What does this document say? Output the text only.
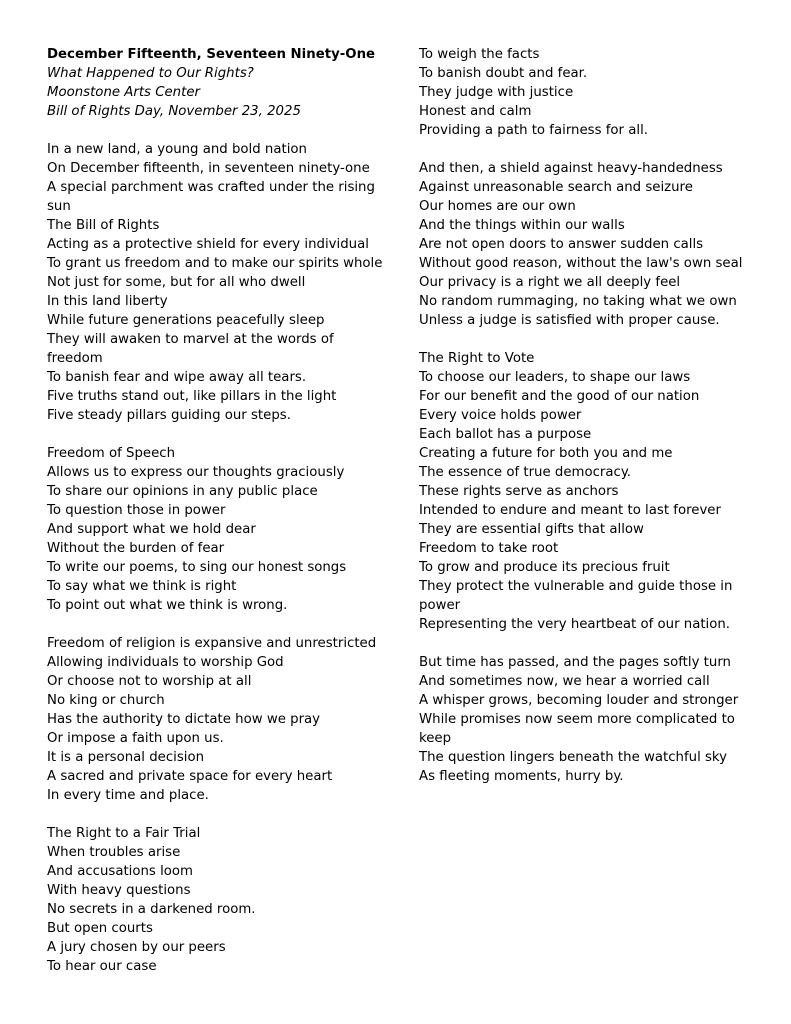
December Fifteenth, Seventeen Ninety-One
What Happened to Our Rights?
Moonstone Arts Center
Bill of Rights Day, November 23, 2025
In a new land, a young and bold nation
On December fifteenth, in seventeen ninety-one
A special parchment was crafted under the rising
sun
The Bill of Rights
Acting as a protective shield for every individual
To grant us freedom and to make our spirits whole
Not just for some, but for all who dwell
In this land liberty
While future generations peacefully sleep
They will awaken to marvel at the words of
freedom
To banish fear and wipe away all tears.
Five truths stand out, like pillars in the light
Five steady pillars guiding our steps.
Freedom of Speech
Allows us to express our thoughts graciously
To share our opinions in any public place
To question those in power
And support what we hold dear
Without the burden of fear
To write our poems, to sing our honest songs
To say what we think is right
To point out what we think is wrong.
Freedom of religion is expansive and unrestricted
Allowing individuals to worship God
Or choose not to worship at all
No king or church
Has the authority to dictate how we pray
Or impose a faith upon us.
It is a personal decision
A sacred and private space for every heart
In every time and place.
The Right to a Fair Trial
When troubles arise
And accusations loom
With heavy questions
No secrets in a darkened room.
But open courts
A jury chosen by our peers
To hear our case
To weigh the facts
To banish doubt and fear.
They judge with justice
Honest and calm
Providing a path to fairness for all.
And then, a shield against heavy-handedness
Against unreasonable search and seizure
Our homes are our own
And the things within our walls
Are not open doors to answer sudden calls
Without good reason, without the law's own seal
Our privacy is a right we all deeply feel
No random rummaging, no taking what we own
Unless a judge is satisfied with proper cause.
The Right to Vote
To choose our leaders, to shape our laws
For our benefit and the good of our nation
Every voice holds power
Each ballot has a purpose
Creating a future for both you and me
The essence of true democracy.
These rights serve as anchors
Intended to endure and meant to last forever
They are essential gifts that allow
Freedom to take root
To grow and produce its precious fruit
They protect the vulnerable and guide those in
power
Representing the very heartbeat of our nation.
But time has passed, and the pages softly turn
And sometimes now, we hear a worried call
A whisper grows, becoming louder and stronger
While promises now seem more complicated to
keep
The question lingers beneath the watchful sky
As fleeting moments, hurry by.
